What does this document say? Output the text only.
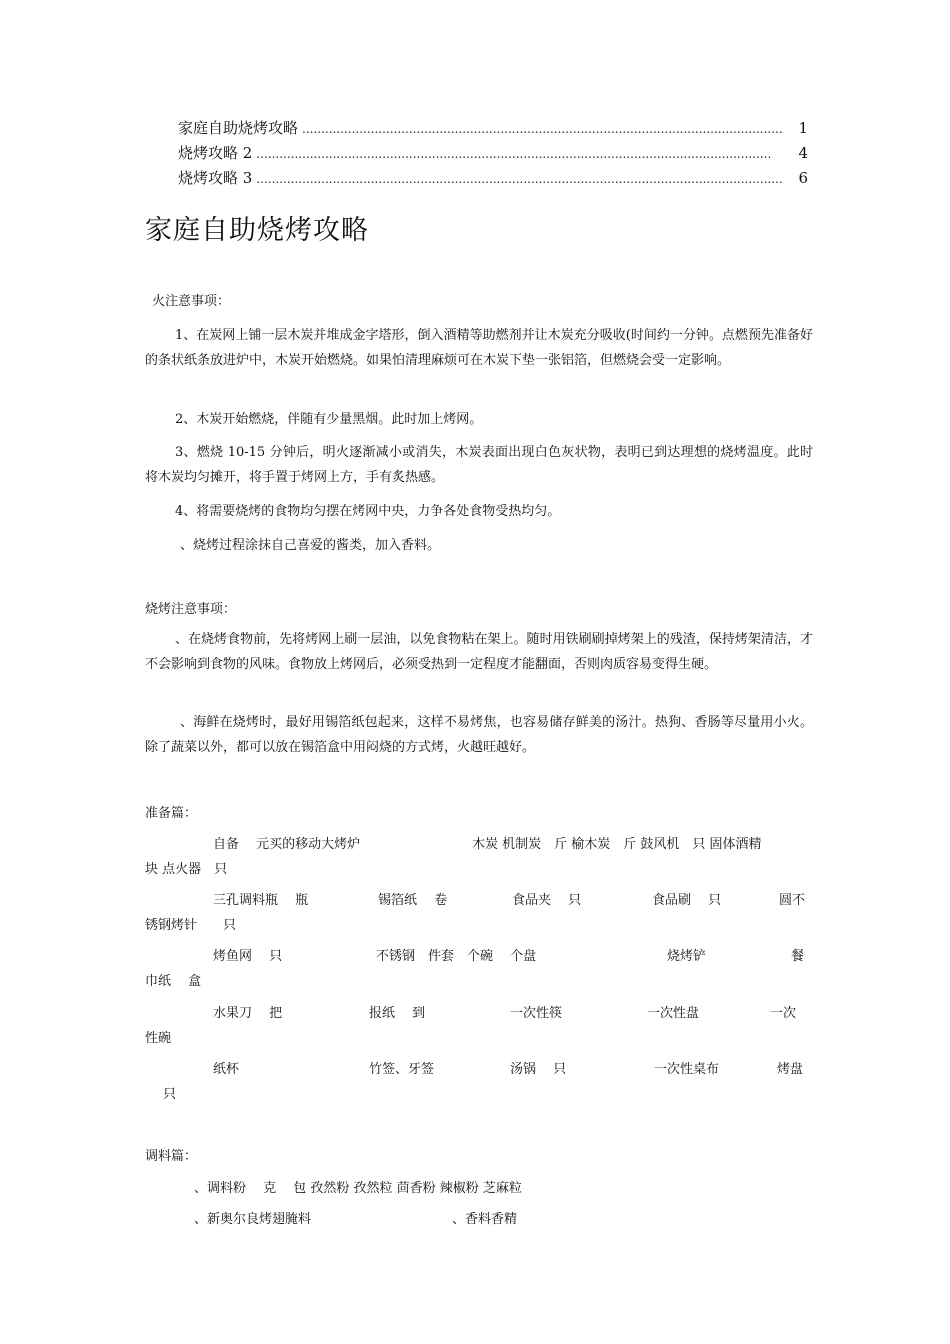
家庭自助烧烤攻略 .....	1
烧烤攻略 2 .....	4
烧烤攻略 3 .....	6
家庭自助烧烤攻略
火注意事项：

1、在炭网上铺一层木炭并堆成金字塔形，倒入酒精等助燃剂并让木炭充分吸收(时间约一分钟。点燃预先准备好的条状纸条放进炉中，木炭开始燃烧。如果怕清理麻烦可在木炭下垫一张铝箔，但燃烧会受一定影响。

2、木炭开始燃烧，伴随有少量黑烟。此时加上烤网。

3、燃烧 10-15 分钟后，明火逐渐减小或消失，木炭表面出现白色灰状物，表明已到达理想的烧烤温度。此时将木炭均匀摊开，将手置于烤网上方，手有炙热感。

4、将需要烧烤的食物均匀摆在烤网中央，力争各处食物受热均匀。

、烧烤过程涂抹自己喜爱的酱类，加入香料。

烧烤注意事项：

、在烧烤食物前，先将烤网上刷一层油，以免食物粘在架上。随时用铁刷刷掉烤架上的残渣，保持烤架清洁，才不会影响到食物的风味。食物放上烤网后，必须受热到一定程度才能翻面，否则肉质容易变得生硬。

、海鲜在烧烤时，最好用锡箔纸包起来，这样不易烤焦，也容易储存鲜美的汤汁。热狗、香肠等尽量用小火。除了蔬菜以外，都可以放在锡箔盒中用闷烧的方式烤，火越旺越好。

准备篇：
自备　 元买的移动大烤炉	木炭 机制炭　斤 榆木炭　斤 鼓风机　只 固体酒精
块 点火器　只
三孔调料瓶　 瓶	锡箔纸　 卷	食品夹　 只	食品刷　 只	圆不
锈钢烤针　　只
烤鱼网　 只	不锈钢　件套　个碗　 个盘	烧烤铲	餐
巾纸　 盒
水果刀　 把	报纸　 到	一次性筷	一次性盘	一次
性碗
纸杯	竹签、牙签	汤锅　 只	一次性桌布	烤盘
只
调料篇：
、调料粉　 克　 包 孜然粉 孜然粒 茴香粉 辣椒粉 芝麻粒
、新奥尔良烤翅腌料	、香料香精
